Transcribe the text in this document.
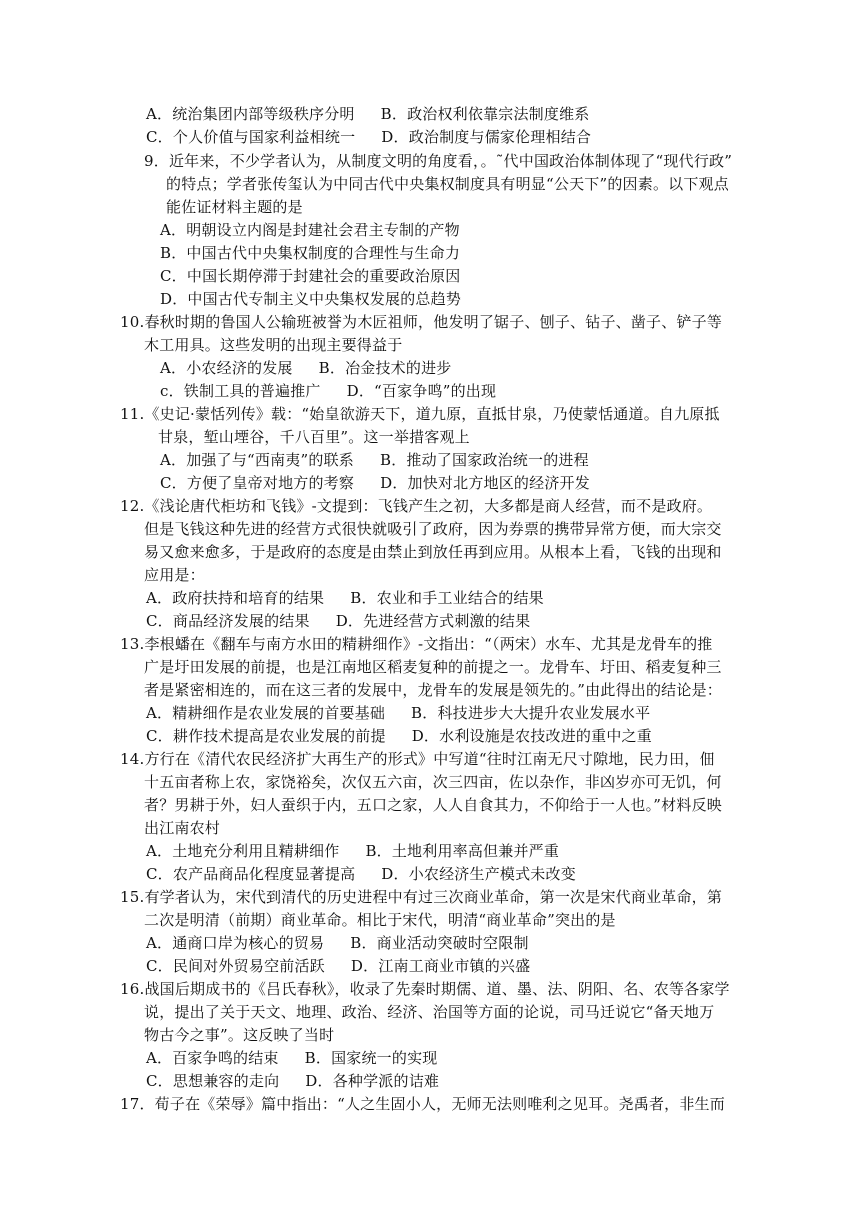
A．统治集团内部等级秩序分明 B．政治权利依靠宗法制度维系
C．个人价值与国家利益相统一 D．政治制度与儒家伦理相结合
9．近年来，不少学者认为，从制度文明的角度看，。˜代中国政治体制体现了“现代行政”
的特点；学者张传玺认为中同古代中央集权制度具有明显“公天下”的因素。以下观点
能佐证材料主题的是
A．明朝设立内阁是封建社会君主专制的产物
B．中国古代中央集权制度的合理性与生命力
C．中国长期停滞于封建社会的重要政治原因
D．中国古代专制主义中央集权发展的总趋势
10.春秋时期的鲁国人公输班被誉为木匠祖师，他发明了锯子、刨子、钻子、凿子、铲子等
木工用具。这些发明的出现主要得益于
A．小农经济的发展 B．冶金技术的进步
c．铁制工具的普遍推广 D．“百家争鸣”的出现
11.《史记·蒙恬列传》载：“始皇欲游天下，道九原，直抵甘泉，乃使蒙恬通道。自九原抵
甘泉，堑山堙谷，千八百里”。这一举措客观上
A．加强了与“西南夷”的联系 B．推动了国家政治统一的进程
C．方便了皇帝对地方的考察 D．加快对北方地区的经济开发
12.《浅论唐代柜坊和飞钱》-文提到：飞钱产生之初，大多都是商人经营，而不是政府。
但是飞钱这种先进的经营方式很快就吸引了政府，因为券票的携带异常方便，而大宗交
易又愈来愈多，于是政府的态度是由禁止到放任再到应用。从根本上看，飞钱的出现和
应用是：
A．政府扶持和培育的结果 B．农业和手工业结合的结果
C．商品经济发展的结果 D．先进经营方式刺激的结果
13.李根蟠在《翻车与南方水田的精耕细作》-文指出：“（两宋）水车、尤其是龙骨车的推
广是圩田发展的前提，也是江南地区稻麦复种的前提之一。龙骨车、圩田、稻麦复种三
者是紧密相连的，而在这三者的发展中，龙骨车的发展是领先的。”由此得出的结论是：
A．精耕细作是农业发展的首要基础 B．科技进步大大提升农业发展水平
C．耕作技术提高是农业发展的前提 D．水利设施是农技改进的重中之重
14.方行在《清代农民经济扩大再生产的形式》中写道“往时江南无尺寸隙地，民力田，佃
十五亩者称上农，家饶裕矣，次仅五六亩，次三四亩，佐以杂作，非凶岁亦可无饥，何
者？男耕于外，妇人蚕织于内，五口之家，人人自食其力，不仰给于一人也。”材料反映
出江南农村
A．土地充分利用且精耕细作 B．土地利用率高但兼并严重
C．农产品商品化程度显著提高 D．小农经济生产模式未改变
15.有学者认为，宋代到清代的历史进程中有过三次商业革命，第一次是宋代商业革命，第
二次是明清（前期）商业革命。相比于宋代，明清“商业革命”突出的是
A．通商口岸为核心的贸易 B．商业活动突破时空限制
C．民间对外贸易空前活跃 D．江南工商业市镇的兴盛
16.战国后期成书的《吕氏春秋》，收录了先秦时期儒、道、墨、法、阴阳、名、农等各家学
说，提出了关于天文、地理、政治、经济、治国等方面的论说，司马迁说它“备天地万
物古今之事”。这反映了当时
A．百家争鸣的结束 B．国家统一的实现
C．思想兼容的走向 D．各种学派的诘难
17．荀子在《荣辱》篇中指出：“人之生固小人，无师无法则唯利之见耳。尧禹者，非生而
